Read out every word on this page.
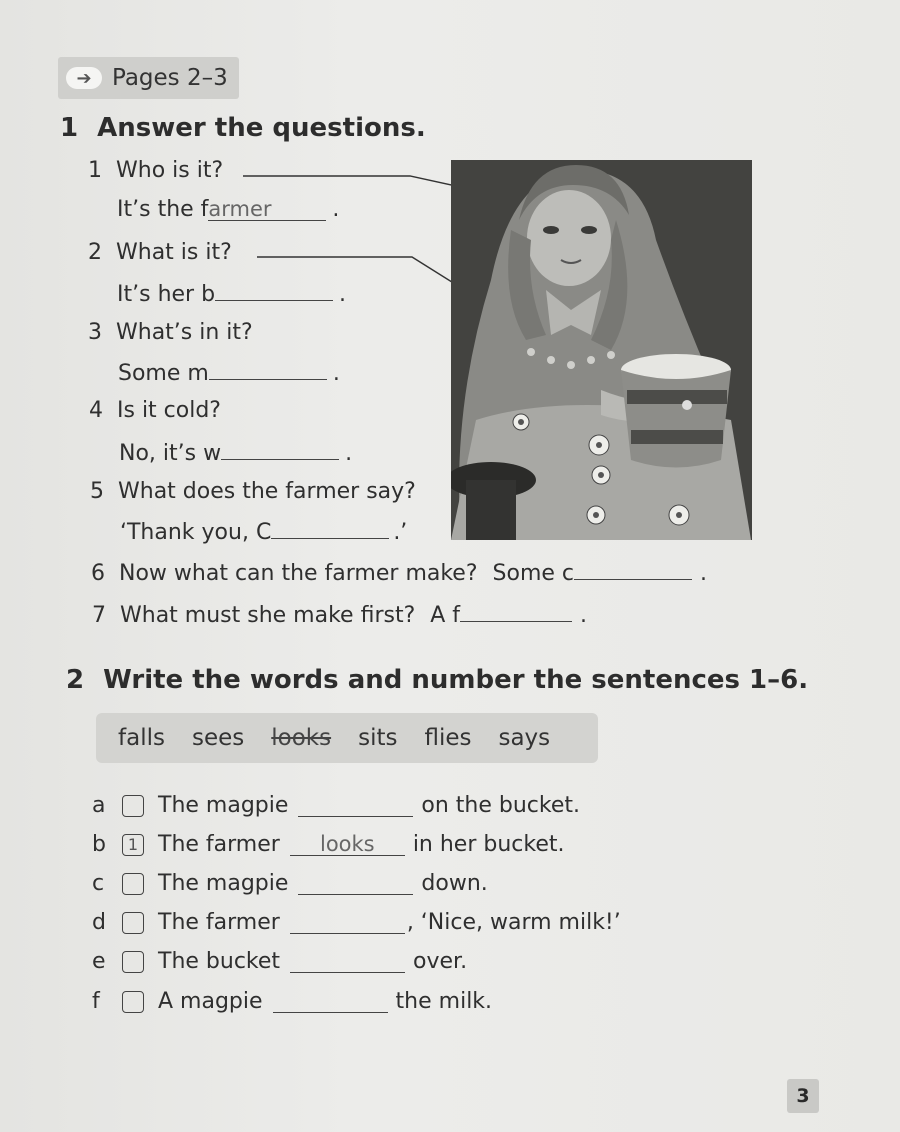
➔ Pages 2–3
1 Answer the questions.
1 Who is it?
It’s the farmer	.
2 What is it?
It’s her b	.
3 What’s in it?
Some m	.
4 Is it cold?
No, it’s w	.
5 What does the farmer say?
‘Thank you, C	.’
6 Now what can the farmer make? Some c	.
7 What must she make first? A f	.
2 Write the words and number the sentences 1–6.
falls sees looks sits flies says
a	The magpie	on the bucket.
b	1 The farmer	looks	in her bucket.
c	The magpie	down.
d	The farmer	, ‘Nice, warm milk!’
e	The bucket	over.
f	A magpie	the milk.
3
